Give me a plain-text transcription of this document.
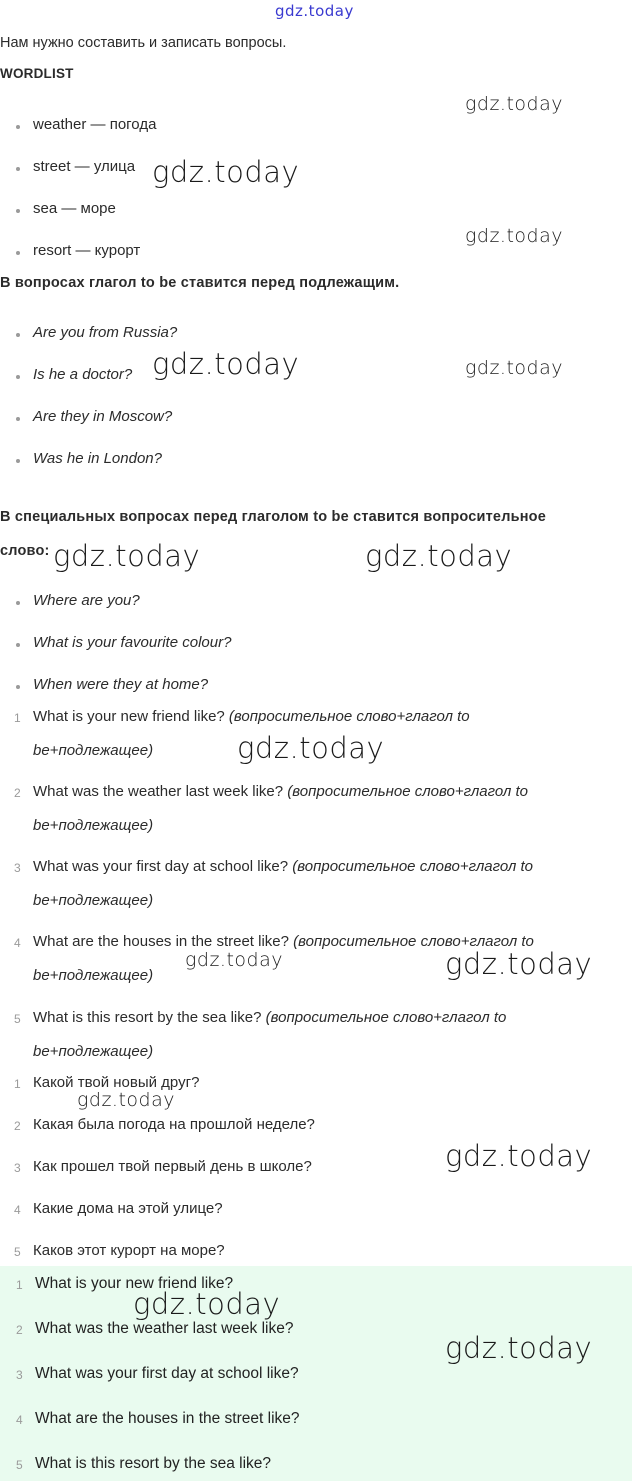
gdz.today
Нам нужно составить и записать вопросы.
WORDLIST
weather — погода
street — улица
sea — море
resort — курорт
В вопросах глагол to be ставится перед подлежащим.
Are you from Russia?
Is he a doctor?
Are they in Moscow?
Was he in London?
В специальных вопросах перед глаголом to be ставится вопросительное
слово:
Where are you?
What is your favourite colour?
When were they at home?
1 What is your new friend like? (вопросительное слово+глагол to
be+подлежащее)
2 What was the weather last week like? (вопросительное слово+глагол to
be+подлежащее)
3 What was your first day at school like? (вопросительное слово+глагол to
be+подлежащее)
4 What are the houses in the street like? (вопросительное слово+глагол to
be+подлежащее)
5 What is this resort by the sea like? (вопросительное слово+глагол to
be+подлежащее)
1 Какой твой новый друг?
2 Какая была погода на прошлой неделе?
3 Как прошел твой первый день в школе?
4 Какие дома на этой улице?
5 Каков этот курорт на море?
1 What is your new friend like?
2 What was the weather last week like?
3 What was your first day at school like?
4 What are the houses in the street like?
5 What is this resort by the sea like?
gdz.today
gdz.today
gdz.today
gdz.today	gdz.today
gdz.today	gdz.today
gdz.today
gdz.today	gdz.today
gdz.today
gdz.today
gdz.today
gdz.today
